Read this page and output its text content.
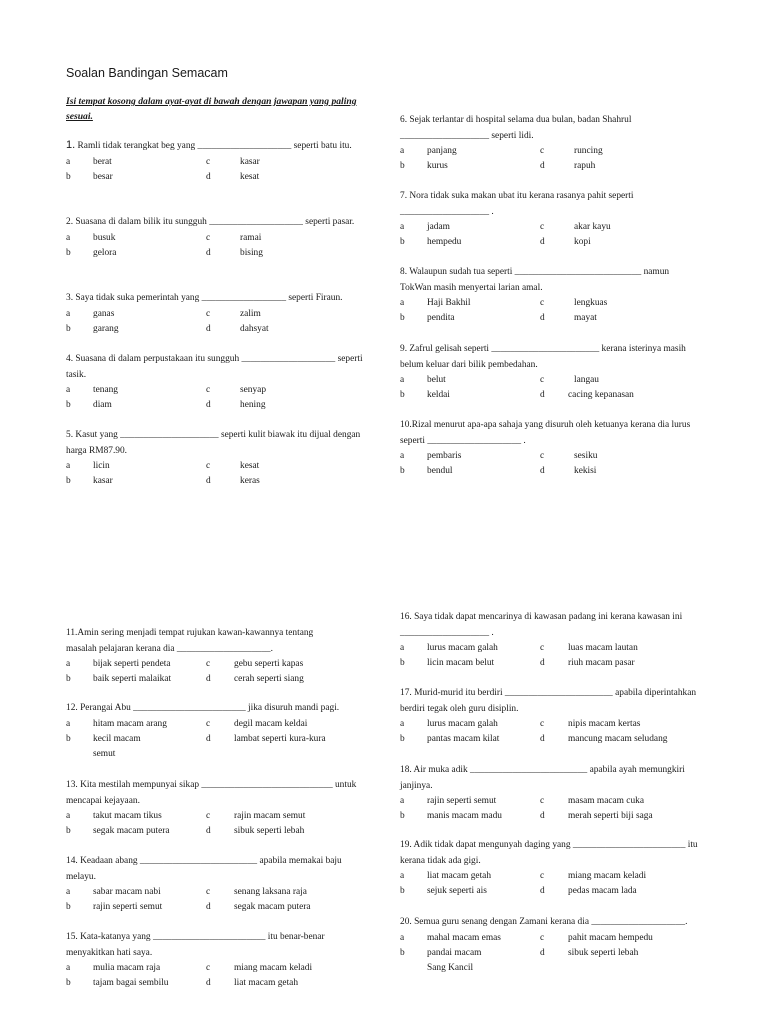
Soalan Bandingan Semacam

Isi tempat kosong dalam ayat-ayat di bawah dengan jawapan yang paling sesuai.

1. Ramli tidak terangkat beg yang ____________________ seperti batu itu.

a berat	c	kasar
b besar	d	kesat

2. Suasana di dalam bilik itu sungguh ____________________ seperti pasar.

a busuk	c	ramai
b gelora	d	bising

3. Saya tidak suka pemerintah yang __________________ seperti Firaun.

a ganas	c	zalim
b garang	d	dahsyat

4. Suasana di dalam perpustakaan itu sungguh ____________________ seperti tasik.

a tenang	c	senyap
b diam	d	hening

5. Kasut yang _____________________ seperti kulit biawak itu dijual dengan harga RM87.90.

a licin	c	kesat
b kasar	d	keras

6. Sejak terlantar di hospital selama dua bulan, badan Shahrul ___________________ seperti lidi.

a panjang	c	runcing
b kurus	d	rapuh

7. Nora tidak suka makan ubat itu kerana rasanya pahit seperti ___________________ .

a jadam	c	akar kayu
b hempedu	d	kopi

8. Walaupun sudah tua seperti ___________________________ namun TokWan masih menyertai larian amal.

a Haji Bakhil	c	lengkuas
b pendita	d	mayat

9. Zafrul gelisah seperti _______________________ kerana isterinya masih belum keluar dari bilik pembedahan.

a belut	c	langau
b keldai	d cacing kepanasan

10.Rizal menurut apa-apa sahaja yang disuruh oleh ketuanya kerana dia lurus seperti ____________________ .

a pembaris	c	sesiku
b bendul	d	kekisi

11.Amin sering menjadi tempat rujukan kawan-kawannya tentang masalah pelajaran kerana dia ____________________.

a bijak seperti pendeta	c	gebu seperti kapas
b baik seperti malaikat	d cerah seperti siang

12. Perangai Abu ________________________ jika disuruh mandi pagi.

a hitam macam arang	c	degil macam keldai
b kecil macam	d lambat seperti kura-kura
semut

13. Kita mestilah mempunyai sikap ____________________________ untuk mencapai kejayaan.

a takut macam tikus	c	rajin macam semut
b segak macam putera	d sibuk seperti lebah

14. Keadaan abang _________________________ apabila memakai baju melayu.

a sabar macam nabi	c	senang laksana raja
b rajin seperti semut	d segak macam putera

15. Kata-katanya yang ________________________ itu benar-benar menyakitkan hati saya.

a mulia macam raja	c	miang macam keladi
b tajam bagai sembilu	d liat macam getah

16. Saya tidak dapat mencarinya di kawasan padang ini kerana kawasan ini ___________________ .

a lurus macam galah	c	luas macam lautan
b licin macam belut	d riuh macam pasar

17. Murid-murid itu berdiri _______________________ apabila diperintahkan berdiri tegak oleh guru disiplin.

a lurus macam galah	c	nipis macam kertas
b pantas macam kilat	d mancung macam seludang

18. Air muka adik _________________________ apabila ayah memungkiri janjinya.

a rajin seperti semut	c	masam macam cuka
b manis macam madu	d merah seperti biji saga

19. Adik tidak dapat mengunyah daging yang ________________________ itu kerana tidak ada gigi.

a liat macam getah	c	miang macam keladi
b sejuk seperti ais	d pedas macam lada

20. Semua guru senang dengan Zamani kerana dia ____________________.

a mahal macam emas	c	pahit macam hempedu
b pandai macam	d sibuk seperti lebah
Sang Kancil
